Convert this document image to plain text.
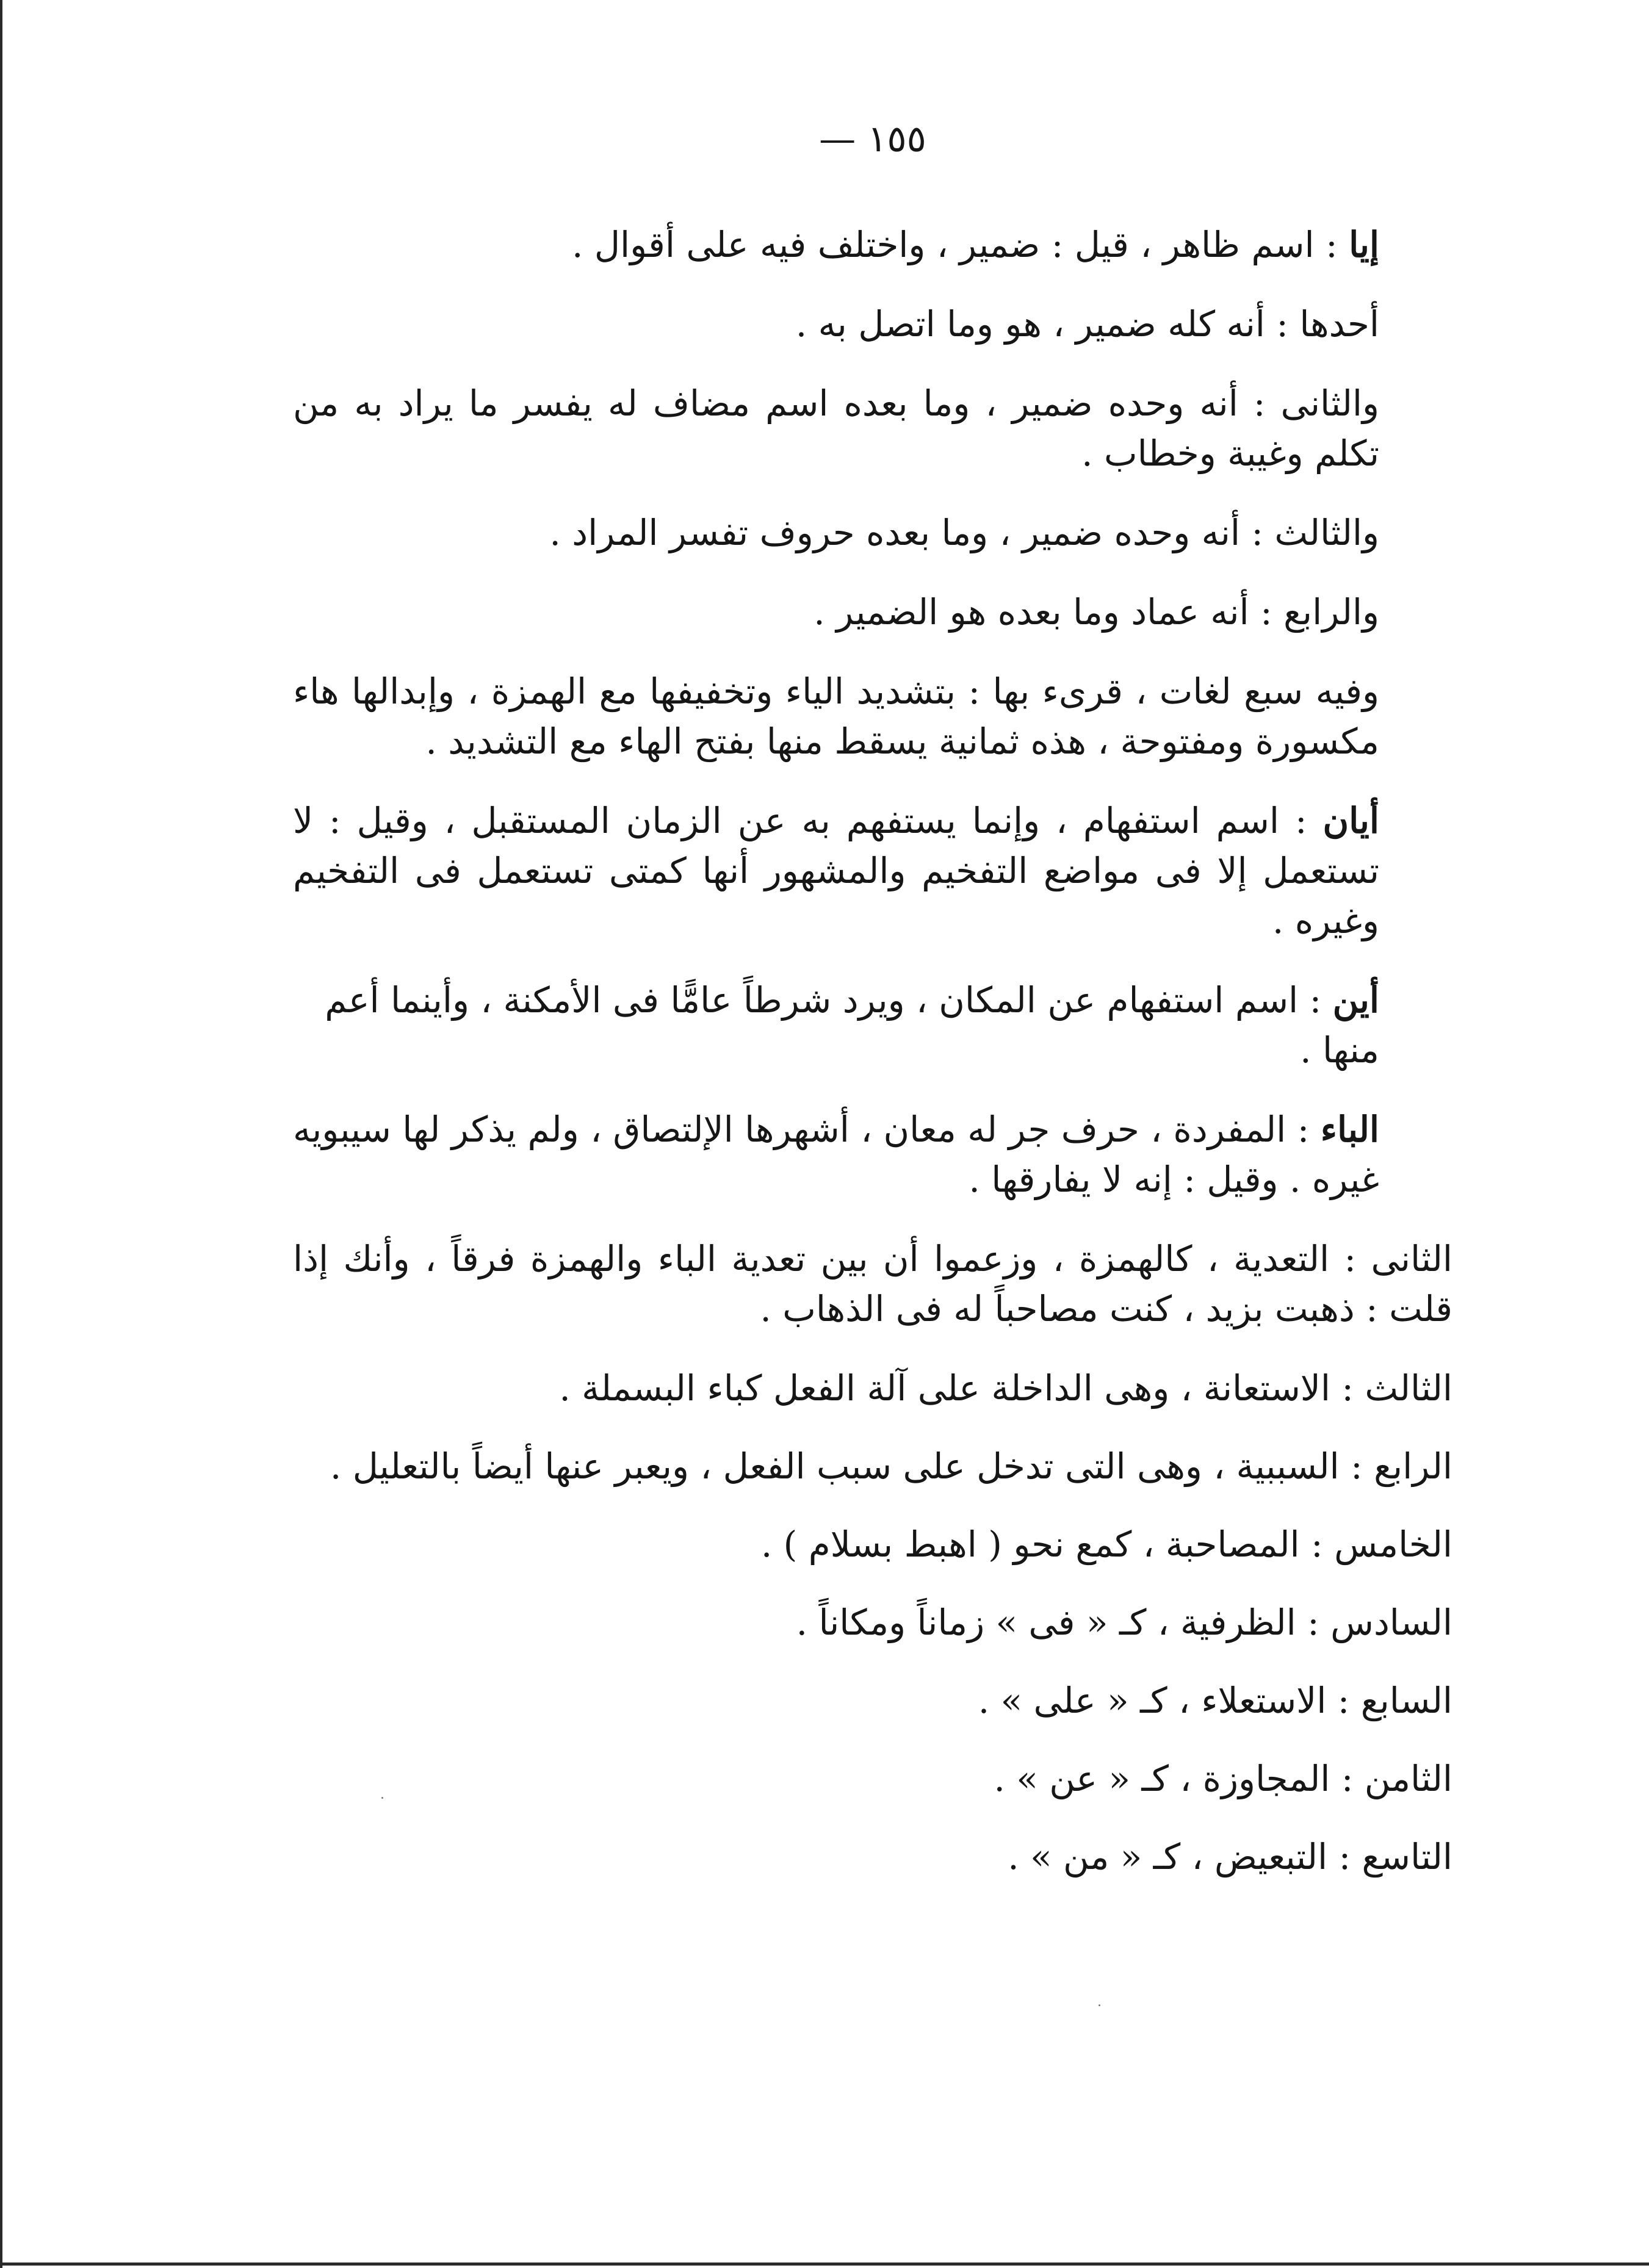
١٥٥ —

إيا : اسم ظاهر ، قيل : ضمير ، واختلف فيه على أقوال .

أحدها : أنه كله ضمير ، هو وما اتصل به .

والثانى : أنه وحده ضمير ، وما بعده اسم مضاف له يفسر ما يراد به من تكلم وغيبة وخطاب .

والثالث : أنه وحده ضمير ، وما بعده حروف تفسر المراد .

والرابع : أنه عماد وما بعده هو الضمير .

وفيه سبع لغات ، قرىء بها : بتشديد الياء وتخفيفها مع الهمزة ، وإبدالها هاء مكسورة ومفتوحة ، هذه ثمانية يسقط منها بفتح الهاء مع التشديد .

أيان : اسم استفهام ، وإنما يستفهم به عن الزمان المستقبل ، وقيل : لا تستعمل إلا فى مواضع التفخيم والمشهور أنها كمتى تستعمل فى التفخيم وغيره .

أين : اسم استفهام عن المكان ، ويرد شرطاً عامًّا فى الأمكنة ، وأينما أعم منها .

الباء : المفردة ، حرف جر له معان ، أشهرها الإلتصاق ، ولم يذكر لها سيبويه غيره . وقيل : إنه لا يفارقها .

الثانى : التعدية ، كالهمزة ، وزعموا أن بين تعدية الباء والهمزة فرقاً ، وأنك إذا قلت : ذهبت بزيد ، كنت مصاحباً له فى الذهاب .

الثالث : الاستعانة ، وهى الداخلة على آلة الفعل كباء البسملة .

الرابع : السببية ، وهى التى تدخل على سبب الفعل ، ويعبر عنها أيضاً بالتعليل .

الخامس : المصاحبة ، كمع نحو ( اهبط بسلام ) .

السادس : الظرفية ، كـ « فى » زماناً ومكاناً .

السابع : الاستعلاء ، كـ « على » .

الثامن : المجاوزة ، كـ « عن » .

التاسع : التبعيض ، كـ « من » .
